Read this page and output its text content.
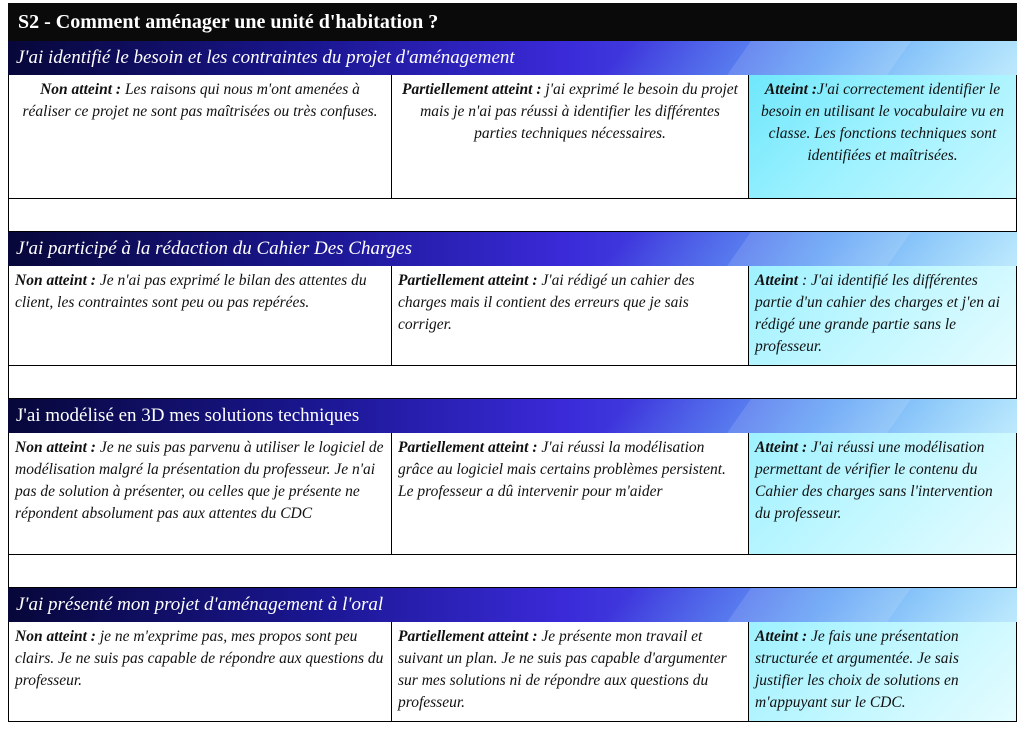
S2 - Comment aménager une unité d'habitation ?
J'ai identifié le besoin et les contraintes du projet d'aménagement
Non atteint : Les raisons qui nous m'ont amenées à réaliser ce projet ne sont pas maîtrisées ou très confuses.
Partiellement atteint : j'ai exprimé le besoin du projet mais je n'ai pas réussi à identifier les différentes parties techniques nécessaires.
Atteint :J'ai correctement identifier le besoin en utilisant le vocabulaire vu en classe. Les fonctions techniques sont identifiées et maîtrisées.
J'ai participé à la rédaction du Cahier Des Charges
Non atteint : Je n'ai pas exprimé le bilan des attentes du client, les contraintes sont peu ou pas repérées.
Partiellement atteint : J'ai rédigé un cahier des charges mais il contient des erreurs que je sais corriger.
Atteint : J'ai identifié les différentes partie d'un cahier des charges et j'en ai rédigé une grande partie sans le professeur.
J'ai modélisé en 3D mes solutions techniques
Non atteint : Je ne suis pas parvenu à utiliser le logiciel de modélisation malgré la présentation du professeur. Je n'ai pas de solution à présenter, ou celles que je présente ne répondent absolument pas aux attentes du CDC
Partiellement atteint : J'ai réussi la modélisation grâce au logiciel mais certains problèmes persistent. Le professeur a dû intervenir pour m'aider
Atteint : J'ai réussi une modélisation permettant de vérifier le contenu du Cahier des charges sans l'intervention du professeur.
J'ai présenté mon projet d'aménagement à l'oral
Non atteint : je ne m'exprime pas, mes propos sont peu clairs. Je ne suis pas capable de répondre aux questions du professeur.
Partiellement atteint : Je présente mon travail et suivant un plan. Je ne suis pas capable d'argumenter sur mes solutions ni de répondre aux questions du professeur.
Atteint : Je fais une présentation structurée et argumentée. Je sais justifier les choix de solutions en m'appuyant sur le CDC.
